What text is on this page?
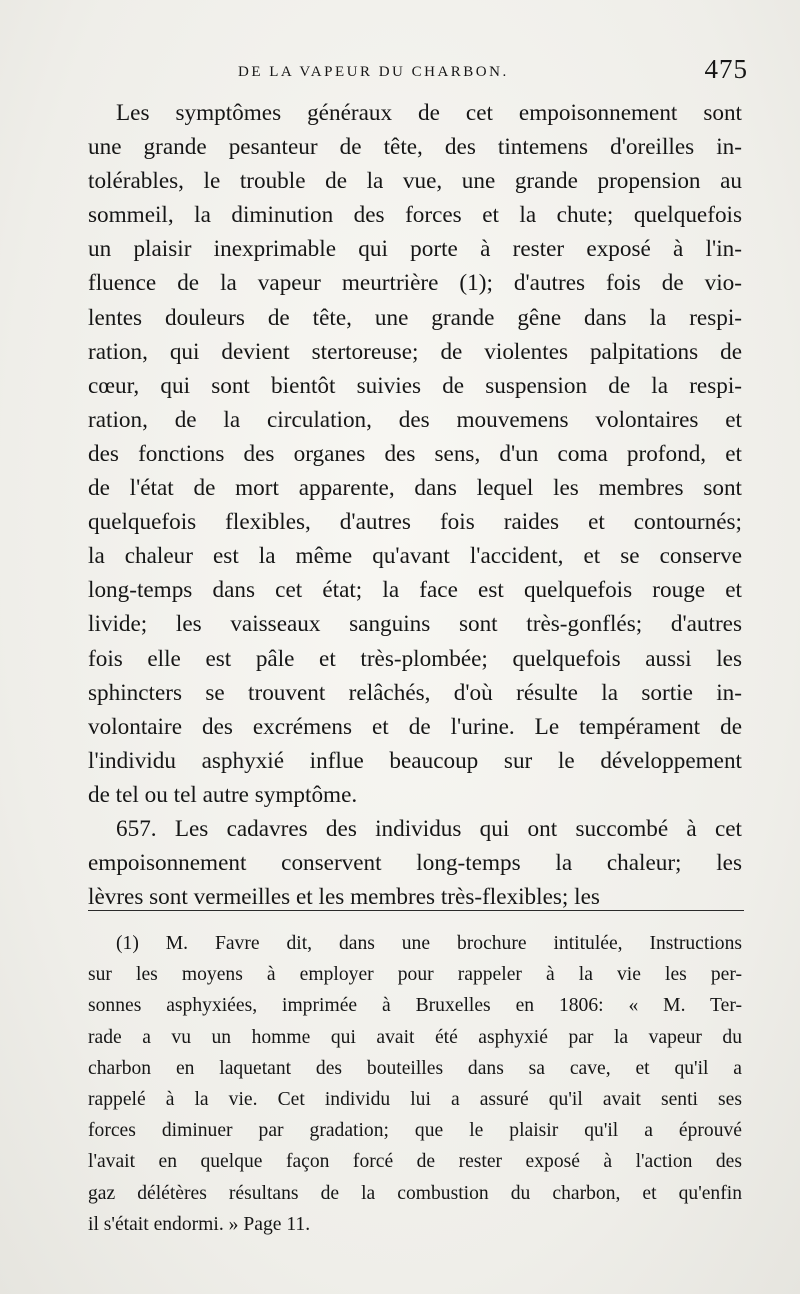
DE LA VAPEUR DU CHARBON.	475
Les symptômes généraux de cet empoisonnement sont
une grande pesanteur de tête, des tintemens d'oreilles in-
tolérables, le trouble de la vue, une grande propension au
sommeil, la diminution des forces et la chute; quelquefois
un plaisir inexprimable qui porte à rester exposé à l'in-
fluence de la vapeur meurtrière (1); d'autres fois de vio-
lentes douleurs de tête, une grande gêne dans la respi-
ration, qui devient stertoreuse; de violentes palpitations de
cœur, qui sont bientôt suivies de suspension de la respi-
ration, de la circulation, des mouvemens volontaires et
des fonctions des organes des sens, d'un coma profond, et
de l'état de mort apparente, dans lequel les membres sont
quelquefois flexibles, d'autres fois raides et contournés;
la chaleur est la même qu'avant l'accident, et se conserve
long-temps dans cet état; la face est quelquefois rouge et
livide; les vaisseaux sanguins sont très-gonflés; d'autres
fois elle est pâle et très-plombée; quelquefois aussi les
sphincters se trouvent relâchés, d'où résulte la sortie in-
volontaire des excrémens et de l'urine. Le tempérament de
l'individu asphyxié influe beaucoup sur le développement
de tel ou tel autre symptôme.
657. Les cadavres des individus qui ont succombé à cet
empoisonnement conservent long-temps la chaleur; les
lèvres sont vermeilles et les membres très-flexibles; les
(1) M. Favre dit, dans une brochure intitulée, Instructions
sur les moyens à employer pour rappeler à la vie les per-
sonnes asphyxiées, imprimée à Bruxelles en 1806: « M. Ter-
rade a vu un homme qui avait été asphyxié par la vapeur du
charbon en laquetant des bouteilles dans sa cave, et qu'il a
rappelé à la vie. Cet individu lui a assuré qu'il avait senti ses
forces diminuer par gradation; que le plaisir qu'il a éprouvé
l'avait en quelque façon forcé de rester exposé à l'action des
gaz délétères résultans de la combustion du charbon, et qu'enfin
il s'était endormi. » Page 11.
